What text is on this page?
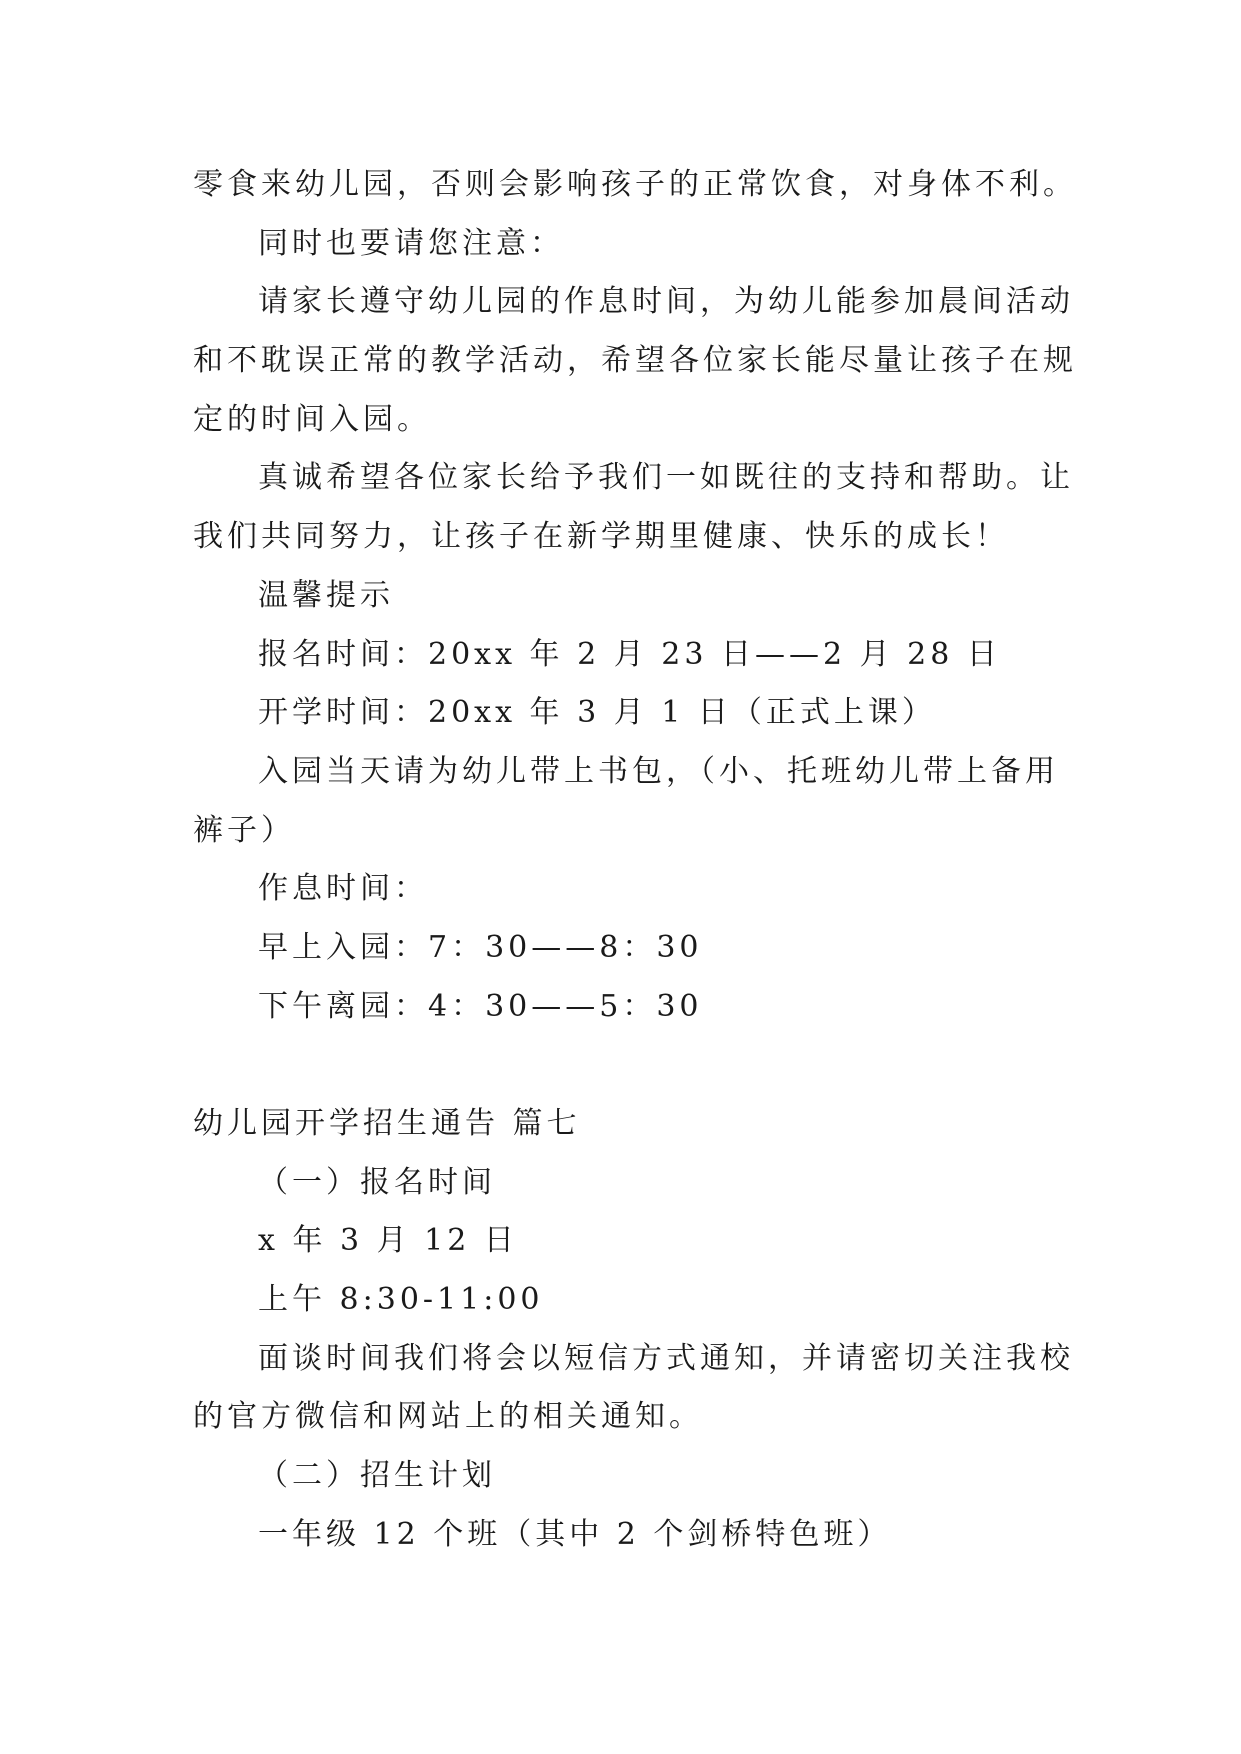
零食来幼儿园，否则会影响孩子的正常饮食，对身体不利。
同时也要请您注意：
请家长遵守幼儿园的作息时间，为幼儿能参加晨间活动
和不耽误正常的教学活动，希望各位家长能尽量让孩子在规
定的时间入园。
真诚希望各位家长给予我们一如既往的支持和帮助。让
我们共同努力，让孩子在新学期里健康、快乐的成长！
温馨提示
报名时间：20xx 年 2 月 23 日——2 月 28 日
开学时间：20xx 年 3 月 1 日（正式上课）
入园当天请为幼儿带上书包，（小、托班幼儿带上备用
裤子）
作息时间：
早上入园：7：30——8：30
下午离园：4：30——5：30
幼儿园开学招生通告 篇七
（一）报名时间
x 年 3 月 12 日
上午 8:30-11:00
面谈时间我们将会以短信方式通知，并请密切关注我校
的官方微信和网站上的相关通知。
（二）招生计划
一年级 12 个班（其中 2 个剑桥特色班）
